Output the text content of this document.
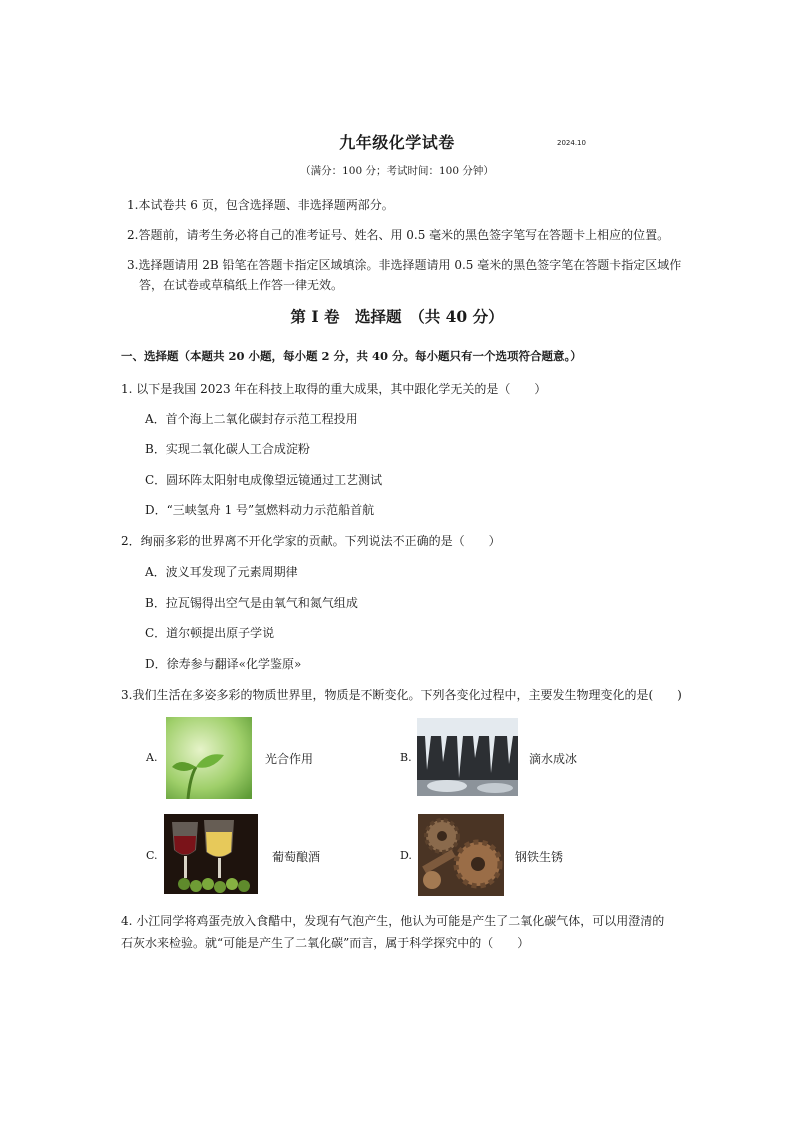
九年级化学试卷	2024.10
（满分：100 分；考试时间：100 分钟）
1.本试卷共 6 页，包含选择题、非选择题两部分。
2.答题前，请考生务必将自己的准考证号、姓名、用 0.5 毫米的黑色签字笔写在答题卡上相应的位置。
3.选择题请用 2B 铅笔在答题卡指定区域填涂。非选择题请用 0.5 毫米的黑色签字笔在答题卡指定区域作
答，在试卷或草稿纸上作答一律无效。
第 I 卷　选择题　（共 40 分）
一、选择题（本题共 20 小题，每小题 2 分，共 40 分。每小题只有一个选项符合题意。）
1. 以下是我国 2023 年在科技上取得的重大成果，其中跟化学无关的是（　　）
A．首个海上二氧化碳封存示范工程投用
B．实现二氧化碳人工合成淀粉
C．圆环阵太阳射电成像望远镜通过工艺测试
D．“三峡氢舟 1 号”氢燃料动力示范船首航
2．绚丽多彩的世界离不开化学家的贡献。下列说法不正确的是（　　）
A．波义耳发现了元素周期律
B．拉瓦锡得出空气是由氧气和氮气组成
C．道尔顿提出原子学说
D．徐寿参与翻译«化学鉴原»
3.我们生活在多姿多彩的物质世界里，物质是不断变化。下列各变化过程中，主要发生物理变化的是(　　)
A.	光合作用	B.	滴水成冰
C.	葡萄酿酒	D.	钢铁生锈
4. 小江同学将鸡蛋壳放入食醋中，发现有气泡产生，他认为可能是产生了二氧化碳气体，可以用澄清的
石灰水来检验。就“可能是产生了二氧化碳”而言，属于科学探究中的（　　）
